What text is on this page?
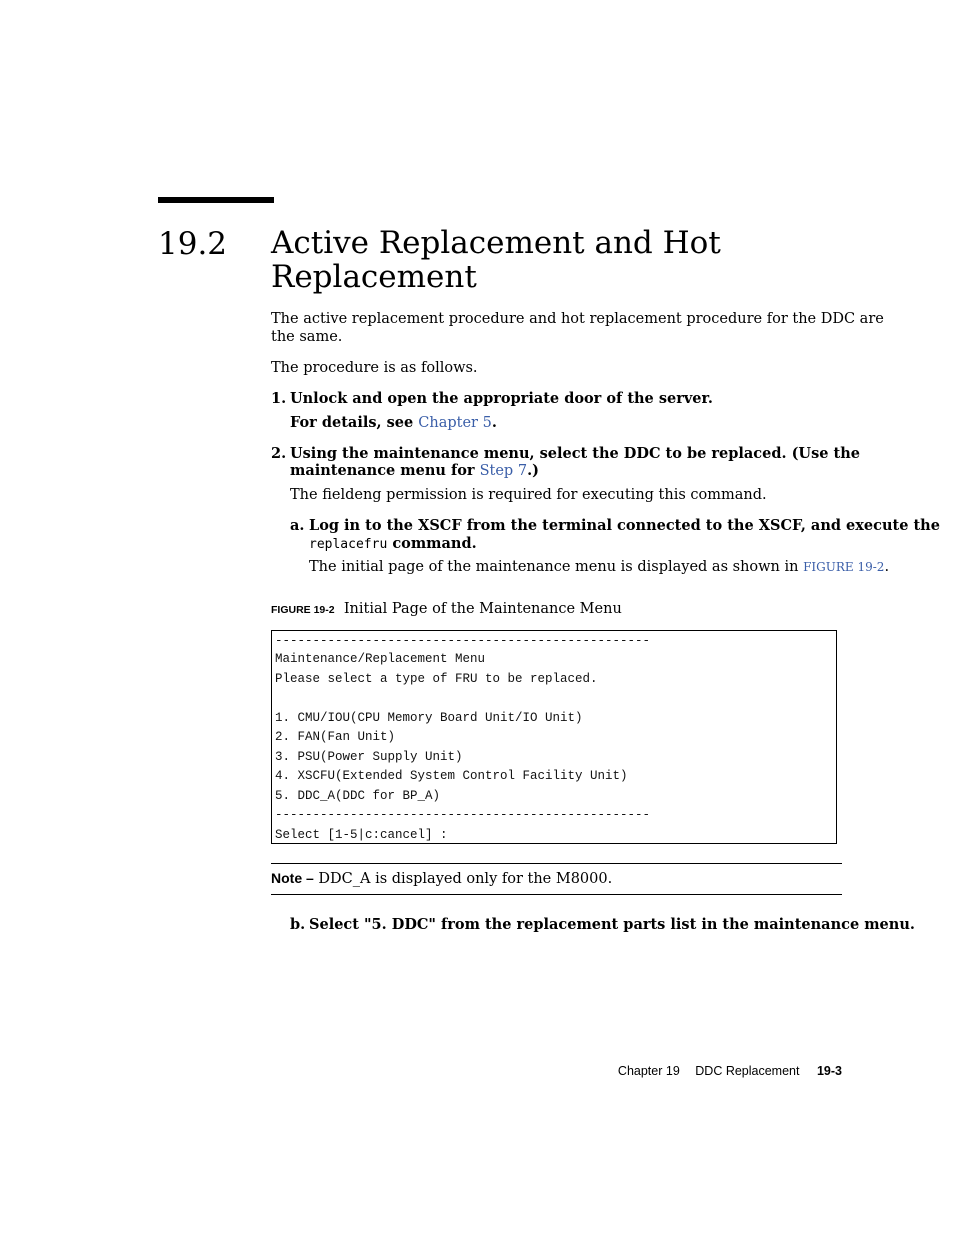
19.2 Active Replacement and Hot Replacement
The active replacement procedure and hot replacement procedure for the DDC are
the same.
The procedure is as follows.
1. Unlock and open the appropriate door of the server.
For details, see Chapter 5.
2. Using the maintenance menu, select the DDC to be replaced. (Use the
maintenance menu for Step 7.)
The fieldeng permission is required for executing this command.
a. Log in to the XSCF from the terminal connected to the XSCF, and execute the
replacefru command.
The initial page of the maintenance menu is displayed as shown in FIGURE 19-2.
FIGURE 19-2 Initial Page of the Maintenance Menu
--------------------------------------------------
Maintenance/Replacement Menu
Please select a type of FRU to be replaced.
1. CMU/IOU(CPU Memory Board Unit/IO Unit)
2. FAN(Fan Unit)
3. PSU(Power Supply Unit)
4. XSCFU(Extended System Control Facility Unit)
5. DDC_A(DDC for BP_A)
--------------------------------------------------
Select [1-5|c:cancel] :
Note – DDC_A is displayed only for the M8000.
b. Select "5. DDC" from the replacement parts list in the maintenance menu.
Chapter 19 DDC Replacement 19-3
